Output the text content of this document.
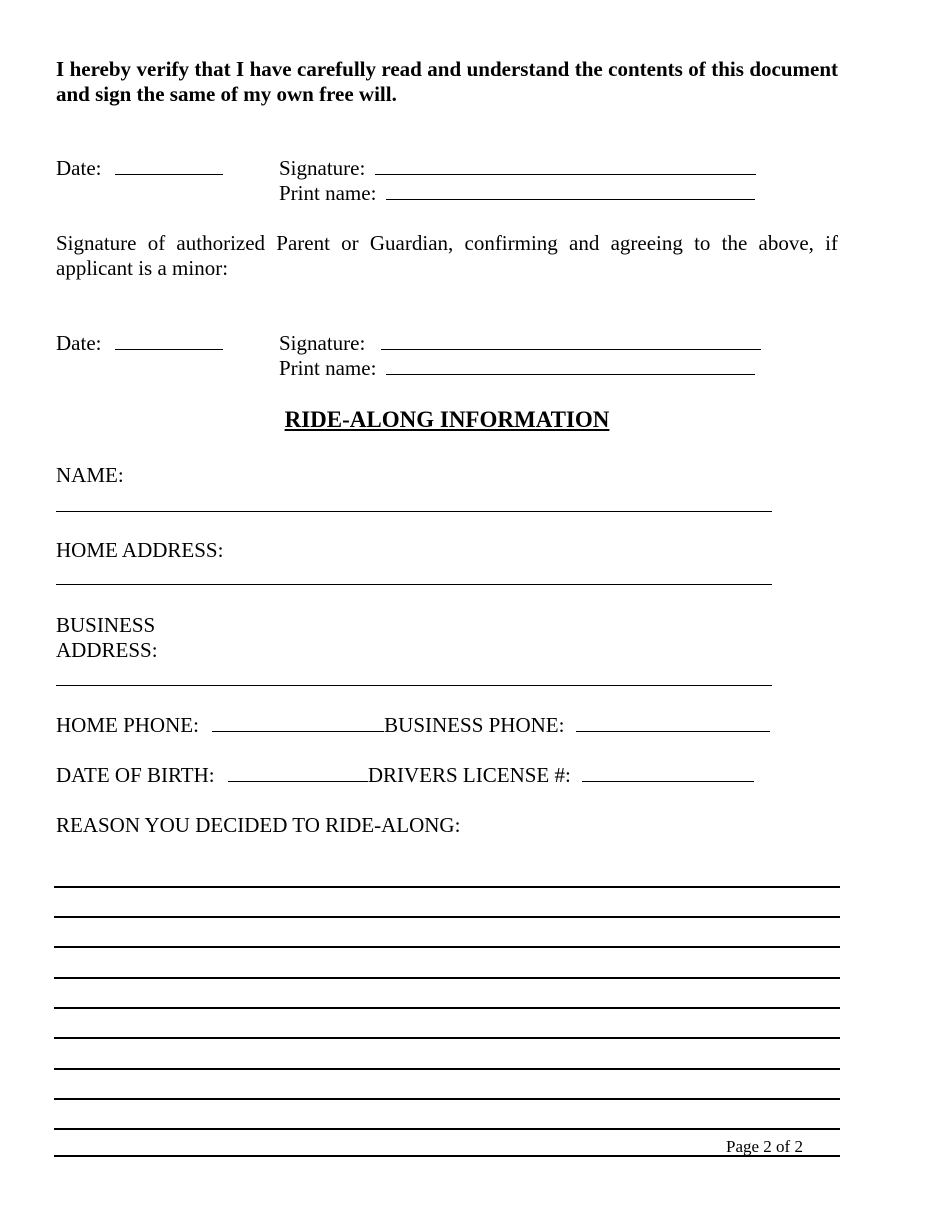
I hereby verify that I have carefully read and understand the contents of this document and sign the same of my own free will.
Date:	Signature:
Print name:
Signature of authorized Parent or Guardian, confirming and agreeing to the above, if applicant is a minor:
Date:	Signature:
Print name:
RIDE-ALONG INFORMATION
NAME:
HOME ADDRESS:
BUSINESS
ADDRESS:
HOME PHONE:	BUSINESS PHONE:
DATE OF BIRTH:	DRIVERS LICENSE #:
REASON YOU DECIDED TO RIDE-ALONG:
Page 2 of 2
